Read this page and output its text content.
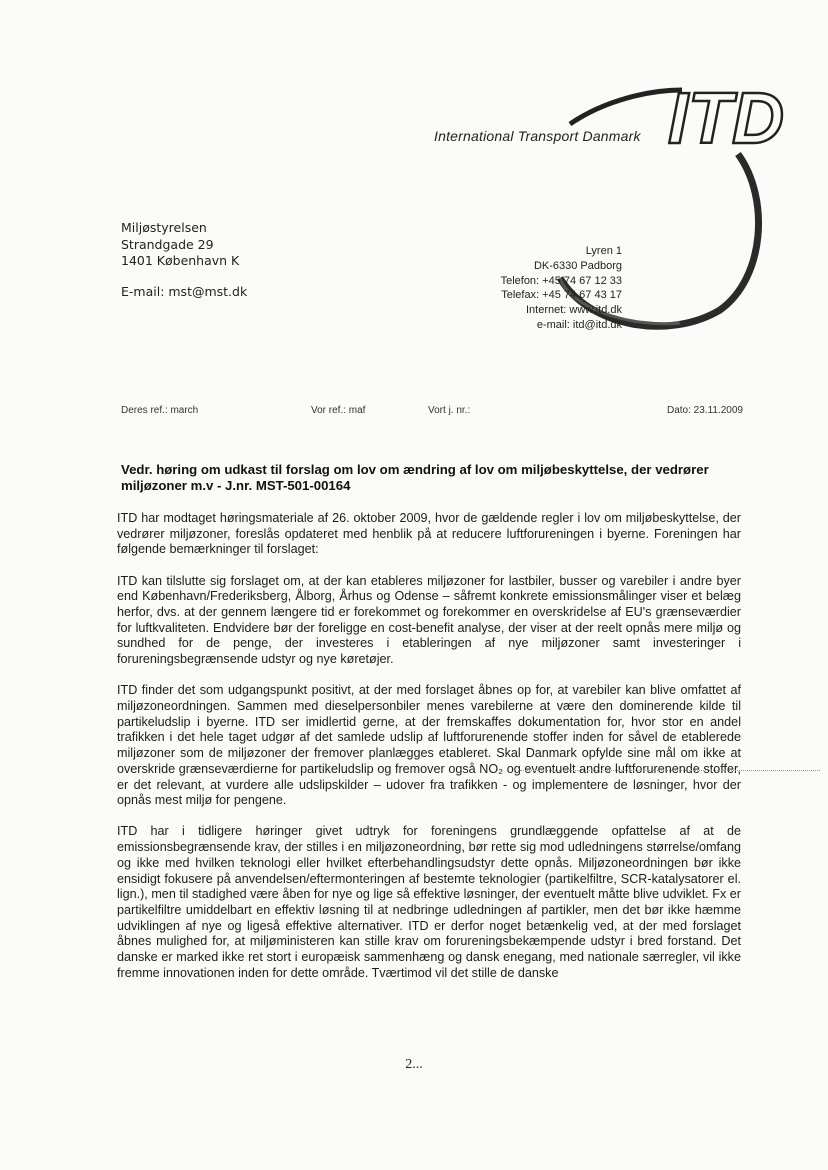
ITD
International Transport Danmark
Lyren 1
DK-6330 Padborg
Telefon: +45 74 67 12 33
Telefax: +45 74 67 43 17
Internet: www.itd.dk
e-mail: itd@itd.dk
Miljøstyrelsen
Strandgade 29
1401 København K
E-mail: mst@mst.dk
Deres ref.: march	Vor ref.: maf	Vort j. nr.:	Dato: 23.11.2009
Vedr. høring om udkast til forslag om lov om ændring af lov om miljøbeskyttelse, der vedrører miljøzoner m.v - J.nr. MST-501-00164

ITD har modtaget høringsmateriale af 26. oktober 2009, hvor de gældende regler i lov om miljøbeskyttelse, der vedrører miljøzoner, foreslås opdateret med henblik på at reducere luftforureningen i byerne. Foreningen har følgende bemærkninger til forslaget:

ITD kan tilslutte sig forslaget om, at der kan etableres miljøzoner for lastbiler, busser og varebiler i andre byer end København/Frederiksberg, Ålborg, Århus og Odense – såfremt konkrete emissionsmålinger viser et belæg herfor, dvs. at der gennem længere tid er forekommet og forekommer en overskridelse af EU's grænseværdier for luftkvaliteten. Endvidere bør der foreligge en cost-benefit analyse, der viser at der reelt opnås mere miljø og sundhed for de penge, der investeres i etableringen af nye miljøzoner samt investeringer i forureningsbegrænsende udstyr og nye køretøjer.

ITD finder det som udgangspunkt positivt, at der med forslaget åbnes op for, at varebiler kan blive omfattet af miljøzoneordningen. Sammen med dieselpersonbiler menes varebilerne at være den dominerende kilde til partikeludslip i byerne. ITD ser imidlertid gerne, at der fremskaffes dokumentation for, hvor stor en andel trafikken i det hele taget udgør af det samlede udslip af luftforurenende stoffer inden for såvel de etablerede miljøzoner som de miljøzoner der fremover planlægges etableret. Skal Danmark opfylde sine mål om ikke at overskride grænseværdierne for partikeludslip og fremover også NO₂ og eventuelt andre luftforurenende stoffer, er det relevant, at vurdere alle udslipskilder – udover fra trafikken - og implementere de løsninger, hvor der opnås mest miljø for pengene.

ITD har i tidligere høringer givet udtryk for foreningens grundlæggende opfattelse af at de emissionsbegrænsende krav, der stilles i en miljøzoneordning, bør rette sig mod udledningens størrelse/omfang og ikke med hvilken teknologi eller hvilket efterbehandlingsudstyr dette opnås. Miljøzoneordningen bør ikke ensidigt fokusere på anvendelsen/eftermonteringen af bestemte teknologier (partikelfiltre, SCR-katalysatorer el. lign.), men til stadighed være åben for nye og lige så effektive løsninger, der eventuelt måtte blive udviklet. Fx er partikelfiltre umiddelbart en effektiv løsning til at nedbringe udledningen af partikler, men det bør ikke hæmme udviklingen af nye og ligeså effektive alternativer. ITD er derfor noget betænkelig ved, at der med forslaget åbnes mulighed for, at miljøministeren kan stille krav om forureningsbekæmpende udstyr i bred forstand. Det danske er marked ikke ret stort i europæisk sammenhæng og dansk enegang, med nationale særregler, vil ikke fremme innovationen inden for dette område. Tværtimod vil det stille de danske

2...
